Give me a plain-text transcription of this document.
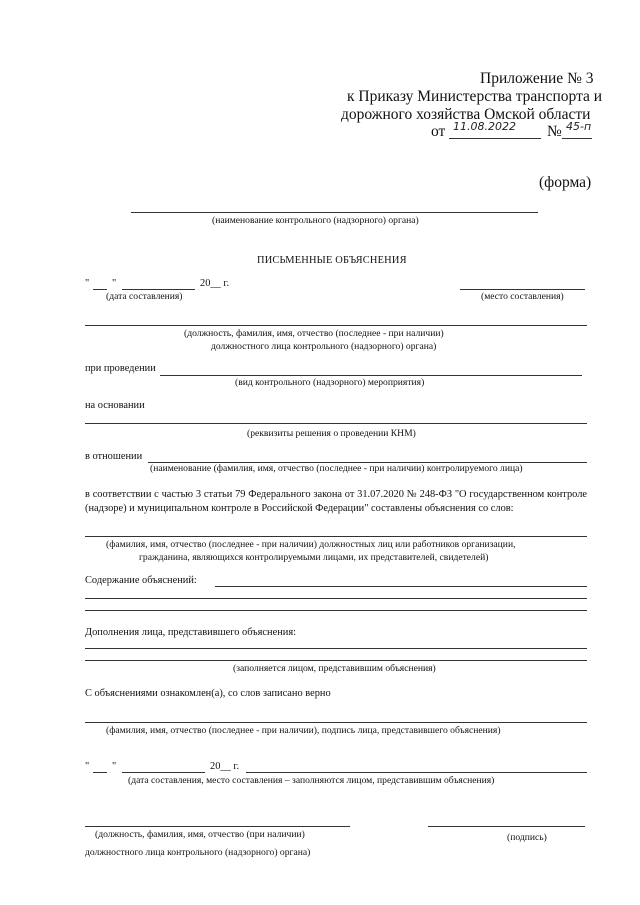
Приложение № 3
к Приказу Министерства транспорта и
дорожного хозяйства Омской области
от 11.08.2022 № 45-п
(форма)
(наименование контрольного (надзорного) органа)
ПИСЬМЕННЫЕ ОБЪЯСНЕНИЯ
" "	20__ г.
(дата составления)	(место составления)
(должность, фамилия, имя, отчество (последнее - при наличии)
должностного лица контрольного (надзорного) органа)
при проведении
(вид контрольного (надзорного) мероприятия)
на основании
(реквизиты решения о проведении КНМ)
в отношении
(наименование (фамилия, имя, отчество (последнее - при наличии) контролируемого лица)
в соответствии с частью 3 статьи 79 Федерального закона от 31.07.2020 № 248-ФЗ "О государственном контроле (надзоре) и муниципальном контроле в Российской Федерации" составлены объяснения со слов:
(фамилия, имя, отчество (последнее - при наличии) должностных лиц или работников организации,
гражданина, являющихся контролируемыми лицами, их представителей, свидетелей)
Содержание объяснений:
Дополнения лица, представившего объяснения:
(заполняется лицом, представившим объяснения)
С объяснениями ознакомлен(а), со слов записано верно
(фамилия, имя, отчество (последнее - при наличии), подпись лица, представившего объяснения)
" "	20__ г.
(дата составления, место составления – заполняются лицом, представившим объяснения)
(должность, фамилия, имя, отчество (при наличии)
должностного лица контрольного (надзорного) органа)
(подпись)
